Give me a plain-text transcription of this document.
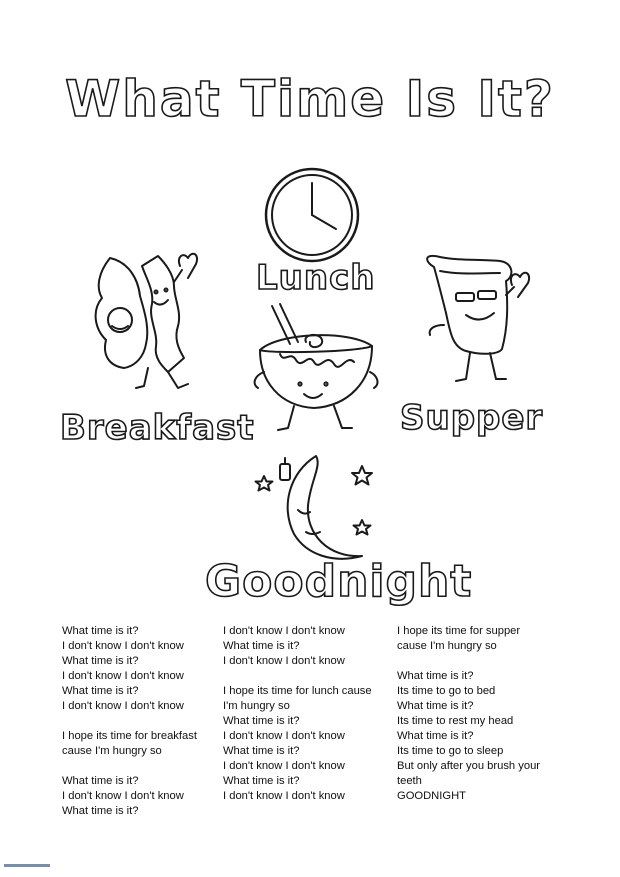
What Time Is It?
Lunch
Breakfast	Supper
Goodnight
What time is it?
I don't know I don't know
What time is it?
I don't know I don't know
What time is it?
I don't know I don't know
I hope its time for breakfast
cause I'm hungry so
What time is it?
I don't know I don't know
What time is it?
I don't know I don't know
What time is it?
I don't know I don't know
I hope its time for lunch cause
I'm hungry so
What time is it?
I don't know I don't know
What time is it?
I don't know I don't know
What time is it?
I don't know I don't know
I hope its time for supper
cause I'm hungry so
What time is it?
Its time to go to bed
What time is it?
Its time to rest my head
What time is it?
Its time to go to sleep
But only after you brush your teeth
GOODNIGHT
